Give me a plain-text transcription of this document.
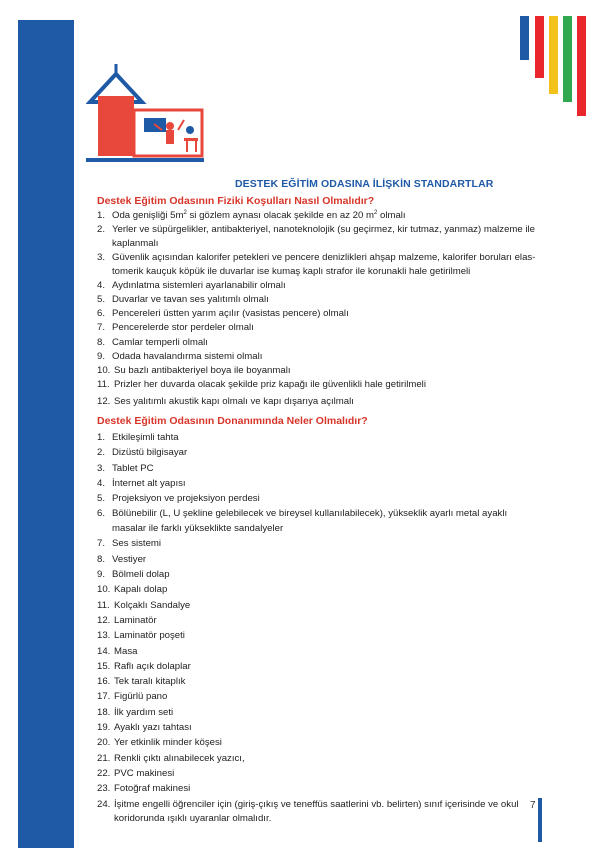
DESTEK EĞİTİM ODASINA İLİŞKİN STANDARTLAR
Destek Eğitim Odasının Fiziki Koşulları Nasıl Olmalıdır?
1. Oda genişliği $5m^2$ si gözlem aynası olacak şekilde en az 20 $m^2$ olmalı
2. Yerler ve süpürgelikler, antibakteriyel, nanoteknolojik (su geçirmez, kir tutmaz, yanmaz) malzeme ile kaplanmalı
3. Güvenlik açısından kalorifer petekleri ve pencere denizlikleri ahşap malzeme, kalorifer boruları elas- tomerik kauçuk köpük ile duvarlar ise kumaş kaplı strafor ile korunakli hale getirilmeli
4. Aydınlatma sistemleri ayarlanabilir olmalı
5. Duvarlar ve tavan ses yalıtımlı olmalı
6. Pencereleri üstten yarım açılır (vasistas pencere) olmalı
7. Pencerelerde stor perdeler olmalı
8. Camlar temperli olmalı
9. Odada havalandırma sistemi olmalı
10. Su bazlı antibakteriyel boya ile boyanmalı
11. Prizler her duvarda olacak şekilde priz kapağı ile güvenlikli hale getirilmeli
12. Ses yalıtımlı akustik kapı olmalı ve kapı dışarıya açılmalı
Destek Eğitim Odasının Donanımında Neler Olmalıdır?
1. Etkileşimli tahta
2. Dizüstü bilgisayar
3. Tablet PC
4. İnternet alt yapısı
5. Projeksiyon ve projeksiyon perdesi
6. Bölünebilir (L, U şekline gelebilecek ve bireysel kullanılabilecek), yükseklik ayarlı metal ayaklı masalar ile farklı yükseklikte sandalyeler
7. Ses sistemi
8. Vestiyer
9. Bölmeli dolap
10. Kapalı dolap
11. Kolçaklı Sandalye
12. Laminatör
13. Laminatör poşeti
14. Masa
15. Raflı açık dolaplar
16. Tek taralı kitaplık
17. Figürlü pano
18. İlk yardım seti
19. Ayaklı yazı tahtası
20. Yer etkinlik minder köşesi
21. Renkli çıktı alınabilecek yazıcı,
22. PVC makinesi
23. Fotoğraf makinesi
24. İşitme engelli öğrenciler için (giriş-çıkış ve teneffüs saatlerini vb. belirten) sınıf içerisinde ve okul koridorunda ışıklı uyaranlar olmalıdır.
7
